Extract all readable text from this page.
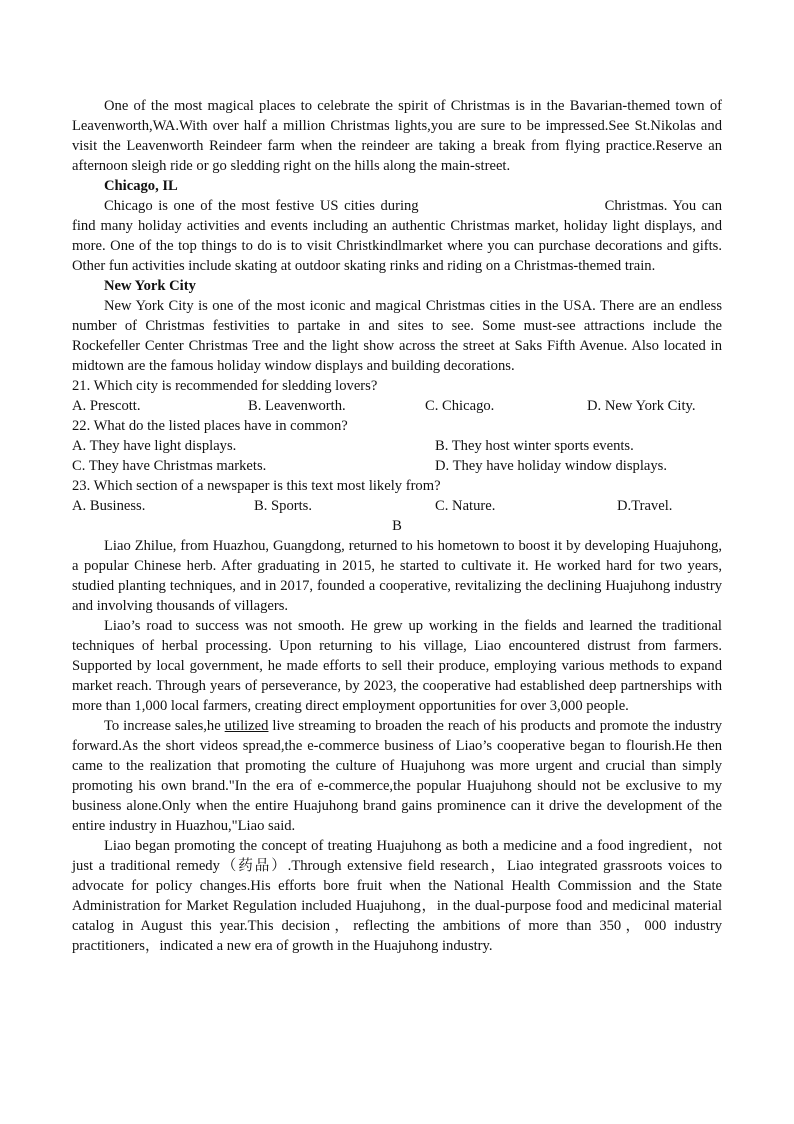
One of the most magical places to celebrate the spirit of Christmas is in the Bavarian-themed town of Leavenworth,WA.With over half a million Christmas lights,you are sure to be impressed.See St.Nikolas and visit the Leavenworth Reindeer farm when the reindeer are taking a break from flying practice.Reserve an afternoon sleigh ride or go sledding right on the hills along the main-street.

Chicago, IL

Chicago is one of the most festive US cities during	Christmas. You can find many holiday activities and events including an authentic Christmas market, holiday light displays, and more. One of the top things to do is to visit Christkindlmarket where you can purchase decorations and gifts. Other fun activities include skating at outdoor skating rinks and riding on a Christmas-themed train.

New York City

New York City is one of the most iconic and magical Christmas cities in the USA. There are an endless number of Christmas festivities to partake in and sites to see. Some must-see attractions include the Rockefeller Center Christmas Tree and the light show across the street at Saks Fifth Avenue. Also located in midtown are the famous holiday window displays and building decorations.

21. Which city is recommended for sledding lovers?

A. Prescott.	B. Leavenworth.	C. Chicago.	D. New York City.

22. What do the listed places have in common?

A. They have light displays.	B. They host winter sports events.
C. They have Christmas markets.	D. They have holiday window displays.

23. Which section of a newspaper is this text most likely from?

A. Business.	B. Sports.	C. Nature.	D.Travel.

B

Liao Zhilue, from Huazhou, Guangdong, returned to his hometown to boost it by developing Huajuhong, a popular Chinese herb. After graduating in 2015, he started to cultivate it. He worked hard for two years, studied planting techniques, and in 2017, founded a cooperative, revitalizing the declining Huajuhong industry and involving thousands of villagers.

Liao’s road to success was not smooth. He grew up working in the fields and learned the traditional techniques of herbal processing. Upon returning to his village, Liao encountered distrust from farmers. Supported by local government, he made efforts to sell their produce, employing various methods to expand market reach. Through years of perseverance, by 2023, the cooperative had established deep partnerships with more than 1,000 local farmers, creating direct employment opportunities for over 3,000 people.

To increase sales,he utilized live streaming to broaden the reach of his products and promote the industry forward.As the short videos spread,the e-commerce business of Liao’s cooperative began to flourish.He then came to the realization that promoting the culture of Huajuhong was more urgent and crucial than simply promoting his own brand."In the era of e-commerce,the popular Huajuhong should not be exclusive to my business alone.Only when the entire Huajuhong brand gains prominence can it drive the development of the entire industry in Huazhou,"Liao said.

Liao began promoting the concept of treating Huajuhong as both a medicine and a food ingredient，not just a traditional remedy（药品）.Through extensive field research，Liao integrated grassroots voices to advocate for policy changes.His efforts bore fruit when the National Health Commission and the State Administration for Market Regulation included Huajuhong，in the dual-purpose food and medicinal material catalog in August this year.This decision，reflecting the ambitions of more than 350，000 industry practitioners，indicated a new era of growth in the Huajuhong industry.
